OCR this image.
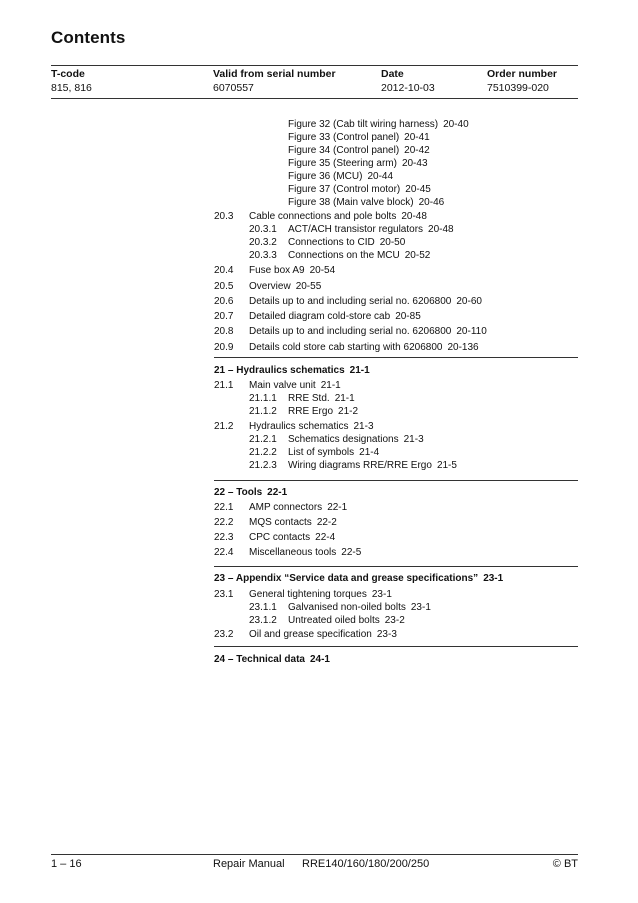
Contents
T-code
815, 816
Valid from serial number
6070557
Date
2012-10-03
Order number
7510399-020
Figure 32 (Cab tilt wiring harness) 20-40
Figure 33 (Control panel) 20-41
Figure 34 (Control panel) 20-42
Figure 35 (Steering arm) 20-43
Figure 36 (MCU) 20-44
Figure 37 (Control motor) 20-45
Figure 38 (Main valve block) 20-46
20.3 Cable connections and pole bolts 20-48
20.3.1 ACT/ACH transistor regulators 20-48
20.3.2 Connections to CID 20-50
20.3.3 Connections on the MCU 20-52
20.4 Fuse box A9 20-54
20.5 Overview 20-55
20.6 Details up to and including serial no. 6206800 20-60
20.7 Detailed diagram cold-store cab 20-85
20.8 Details up to and including serial no. 6206800 20-110
20.9 Details cold store cab starting with 6206800 20-136
21 – Hydraulics schematics 21-1
21.1 Main valve unit 21-1
21.1.1 RRE Std. 21-1
21.1.2 RRE Ergo 21-2
21.2 Hydraulics schematics 21-3
21.2.1 Schematics designations 21-3
21.2.2 List of symbols 21-4
21.2.3 Wiring diagrams RRE/RRE Ergo 21-5
22 – Tools 22-1
22.1 AMP connectors 22-1
22.2 MQS contacts 22-2
22.3 CPC contacts 22-4
22.4 Miscellaneous tools 22-5
23 – Appendix “Service data and grease specifications” 23-1
23.1 General tightening torques 23-1
23.1.1 Galvanised non-oiled bolts 23-1
23.1.2 Untreated oiled bolts 23-2
23.2 Oil and grease specification 23-3
24 – Technical data 24-1
1 – 16	Repair Manual RRE140/160/180/200/250	© BT
